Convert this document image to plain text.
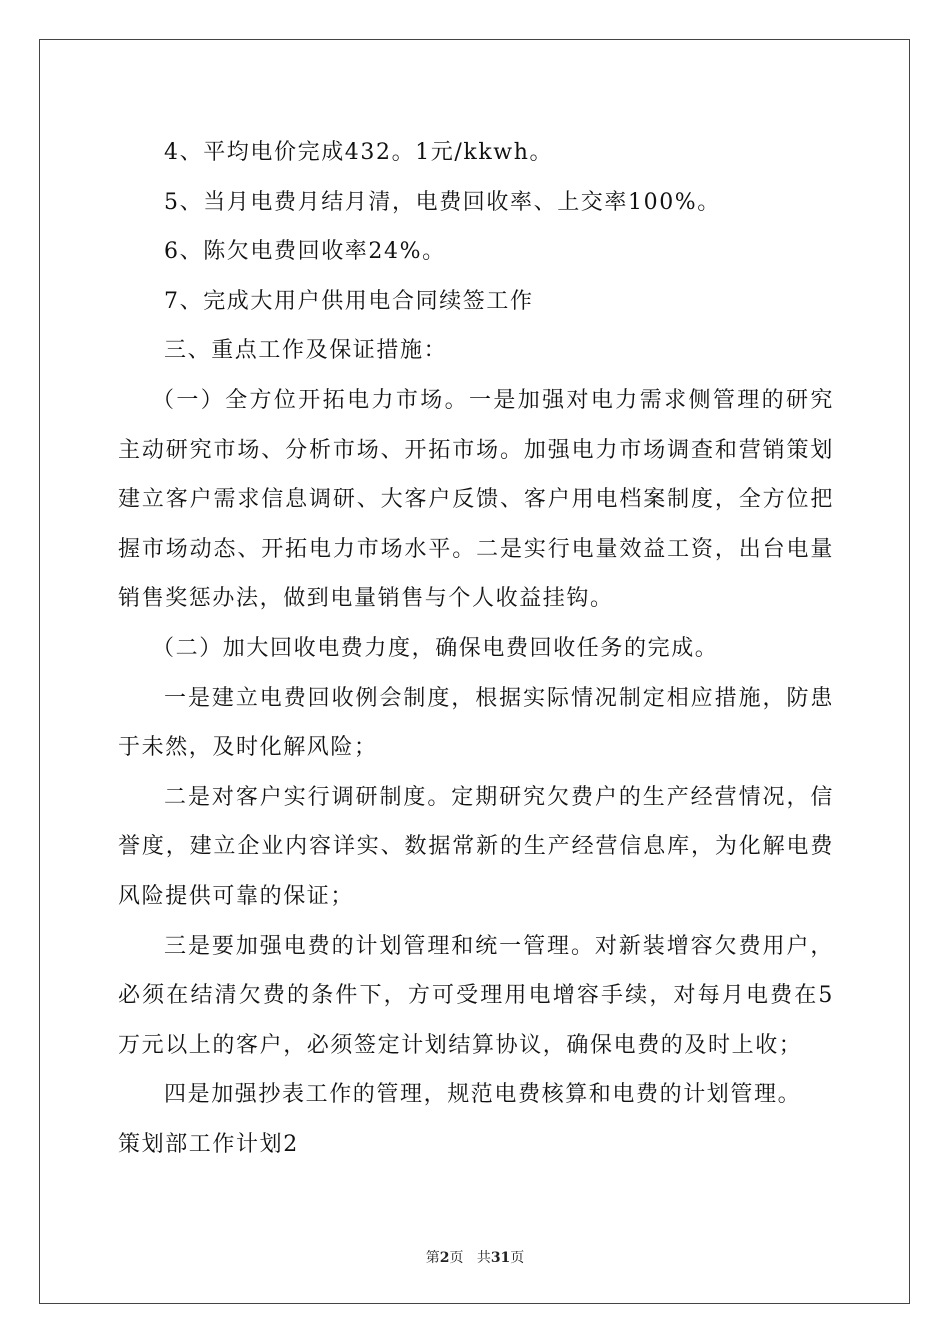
4、平均电价完成432。1元/kkwh。

5、当月电费月结月清，电费回收率、上交率100%。

6、陈欠电费回收率24%。

7、完成大用户供用电合同续签工作

三、重点工作及保证措施：

（一）全方位开拓电力市场。一是加强对电力需求侧管理的研究主动研究市场、分析市场、开拓市场。加强电力市场调查和营销策划建立客户需求信息调研、大客户反馈、客户用电档案制度，全方位把握市场动态、开拓电力市场水平。二是实行电量效益工资，出台电量销售奖惩办法，做到电量销售与个人收益挂钩。

（二）加大回收电费力度，确保电费回收任务的完成。

一是建立电费回收例会制度，根据实际情况制定相应措施，防患于未然，及时化解风险；

二是对客户实行调研制度。定期研究欠费户的生产经营情况，信誉度，建立企业内容详实、数据常新的生产经营信息库，为化解电费风险提供可靠的保证；

三是要加强电费的计划管理和统一管理。对新装增容欠费用户，必须在结清欠费的条件下，方可受理用电增容手续，对每月电费在5万元以上的客户，必须签定计划结算协议，确保电费的及时上收；

四是加强抄表工作的管理，规范电费核算和电费的计划管理。

策划部工作计划2

第2页 共31页
